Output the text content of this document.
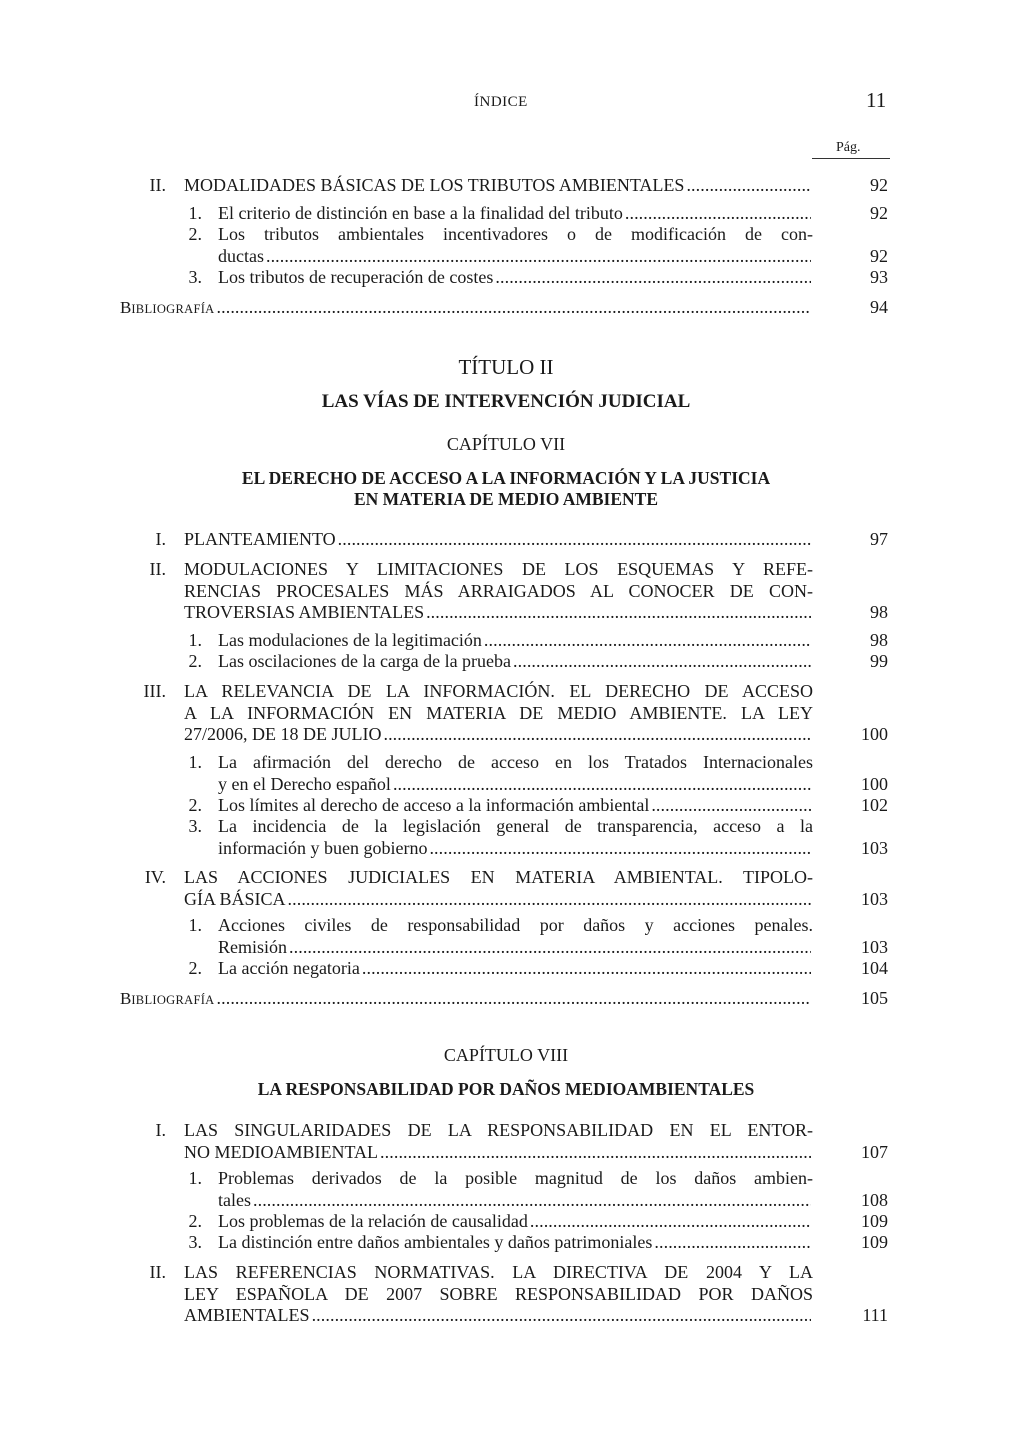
ÍNDICE	11
Pág.
II. MODALIDADES BÁSICAS DE LOS TRIBUTOS AMBIENTALES . . .	92
1. El criterio de distinción en base a la finalidad del tributo . . .	92
2. Los tributos ambientales incentivadores o de modificación de con-
ductas . . .	92
3. Los tributos de recuperación de costes . . .	93
BIBLIOGRAFÍA . . .	94
TÍTULO II
LAS VÍAS DE INTERVENCIÓN JUDICIAL
CAPÍTULO VII
EL DERECHO DE ACCESO A LA INFORMACIÓN Y LA JUSTICIA
EN MATERIA DE MEDIO AMBIENTE
I. PLANTEAMIENTO . . .	97
II. MODULACIONES Y LIMITACIONES DE LOS ESQUEMAS Y REFE-
RENCIAS PROCESALES MÁS ARRAIGADOS AL CONOCER DE CON-
TROVERSIAS AMBIENTALES . . .	98
1. Las modulaciones de la legitimación . . .	98
2. Las oscilaciones de la carga de la prueba . . .	99
III. LA RELEVANCIA DE LA INFORMACIÓN. EL DERECHO DE ACCESO
A LA INFORMACIÓN EN MATERIA DE MEDIO AMBIENTE. LA LEY
27/2006, DE 18 DE JULIO . . .	100
1. La afirmación del derecho de acceso en los Tratados Internacionales
y en el Derecho español . . .	100
2. Los límites al derecho de acceso a la información ambiental . . .	102
3. La incidencia de la legislación general de transparencia, acceso a la
información y buen gobierno . . .	103
IV. LAS ACCIONES JUDICIALES EN MATERIA AMBIENTAL. TIPOLO-
GÍA BÁSICA . . .	103
1. Acciones civiles de responsabilidad por daños y acciones penales.
Remisión . . .	103
2. La acción negatoria . . .	104
BIBLIOGRAFÍA . . .	105
CAPÍTULO VIII
LA RESPONSABILIDAD POR DAÑOS MEDIOAMBIENTALES
I. LAS SINGULARIDADES DE LA RESPONSABILIDAD EN EL ENTOR-
NO MEDIOAMBIENTAL . . .	107
1. Problemas derivados de la posible magnitud de los daños ambien-
tales . . .	108
2. Los problemas de la relación de causalidad . . .	109
3. La distinción entre daños ambientales y daños patrimoniales . . .	109
II. LAS REFERENCIAS NORMATIVAS. LA DIRECTIVA DE 2004 Y LA
LEY ESPAÑOLA DE 2007 SOBRE RESPONSABILIDAD POR DAÑOS
AMBIENTALES . . .	111
